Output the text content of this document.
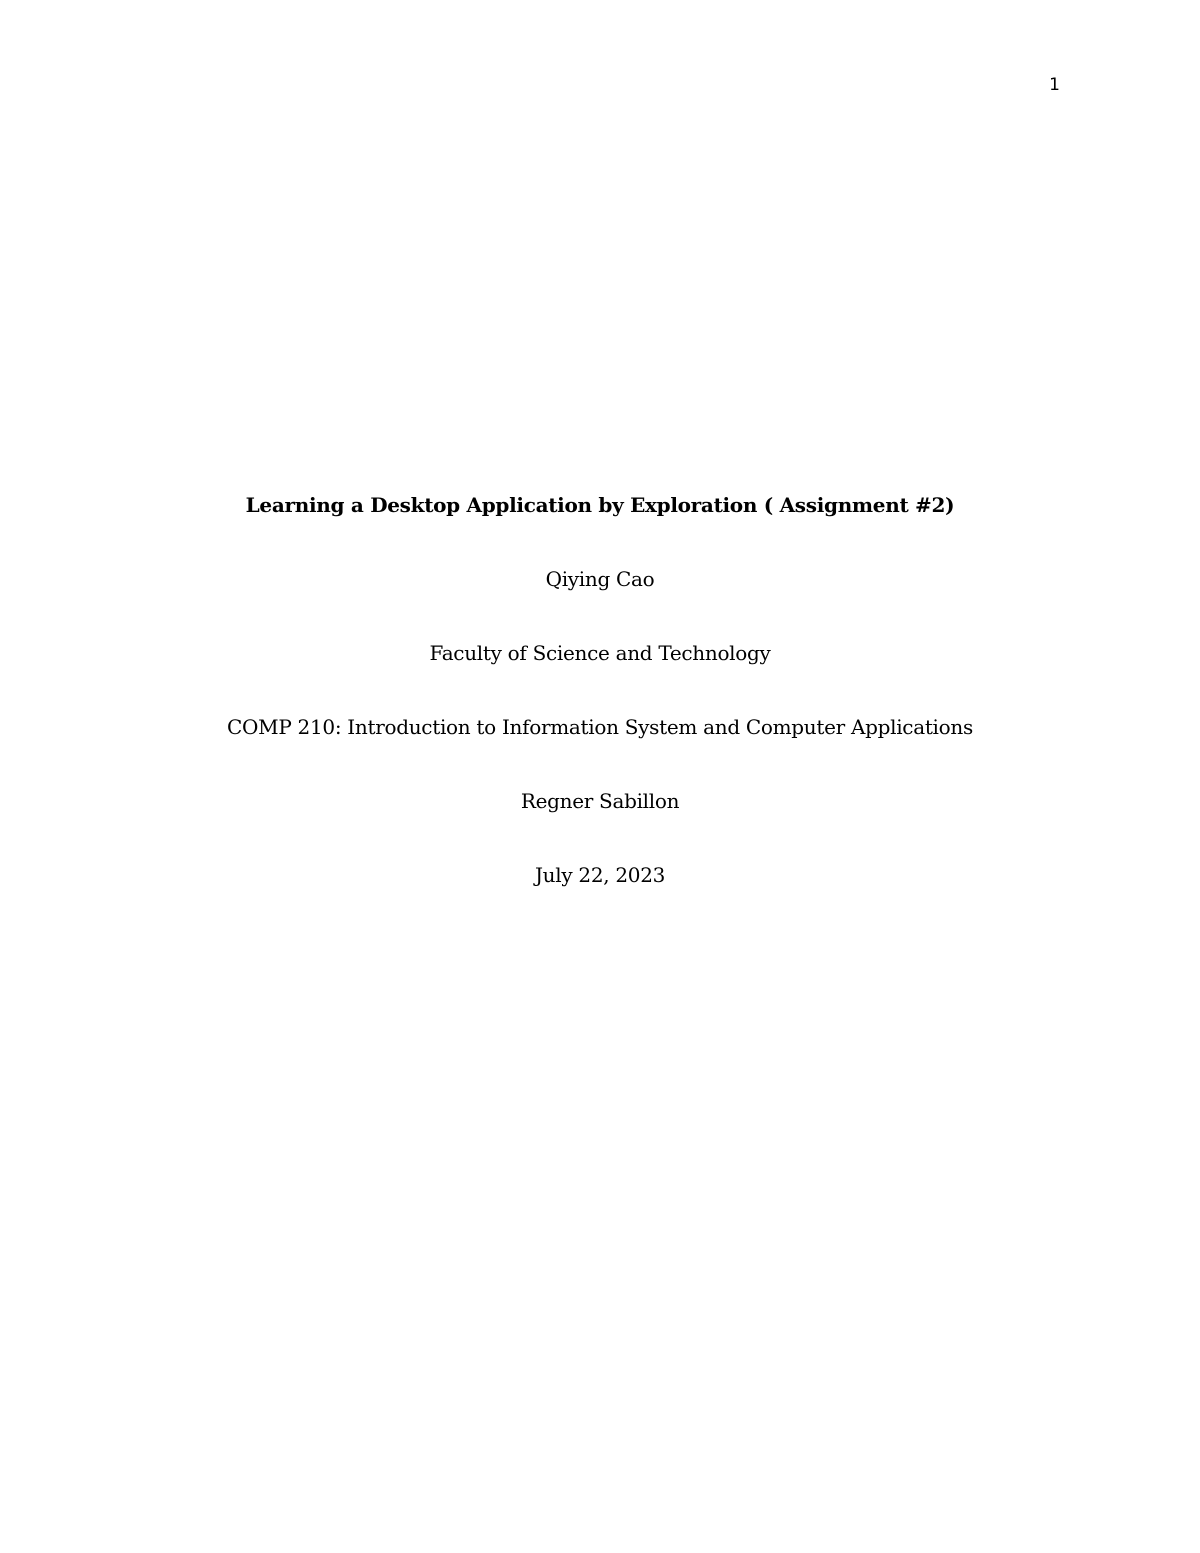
1
Learning a Desktop Application by Exploration ( Assignment #2)
Qiying Cao
Faculty of Science and Technology
COMP 210: Introduction to Information System and Computer Applications
Regner Sabillon
July 22, 2023
